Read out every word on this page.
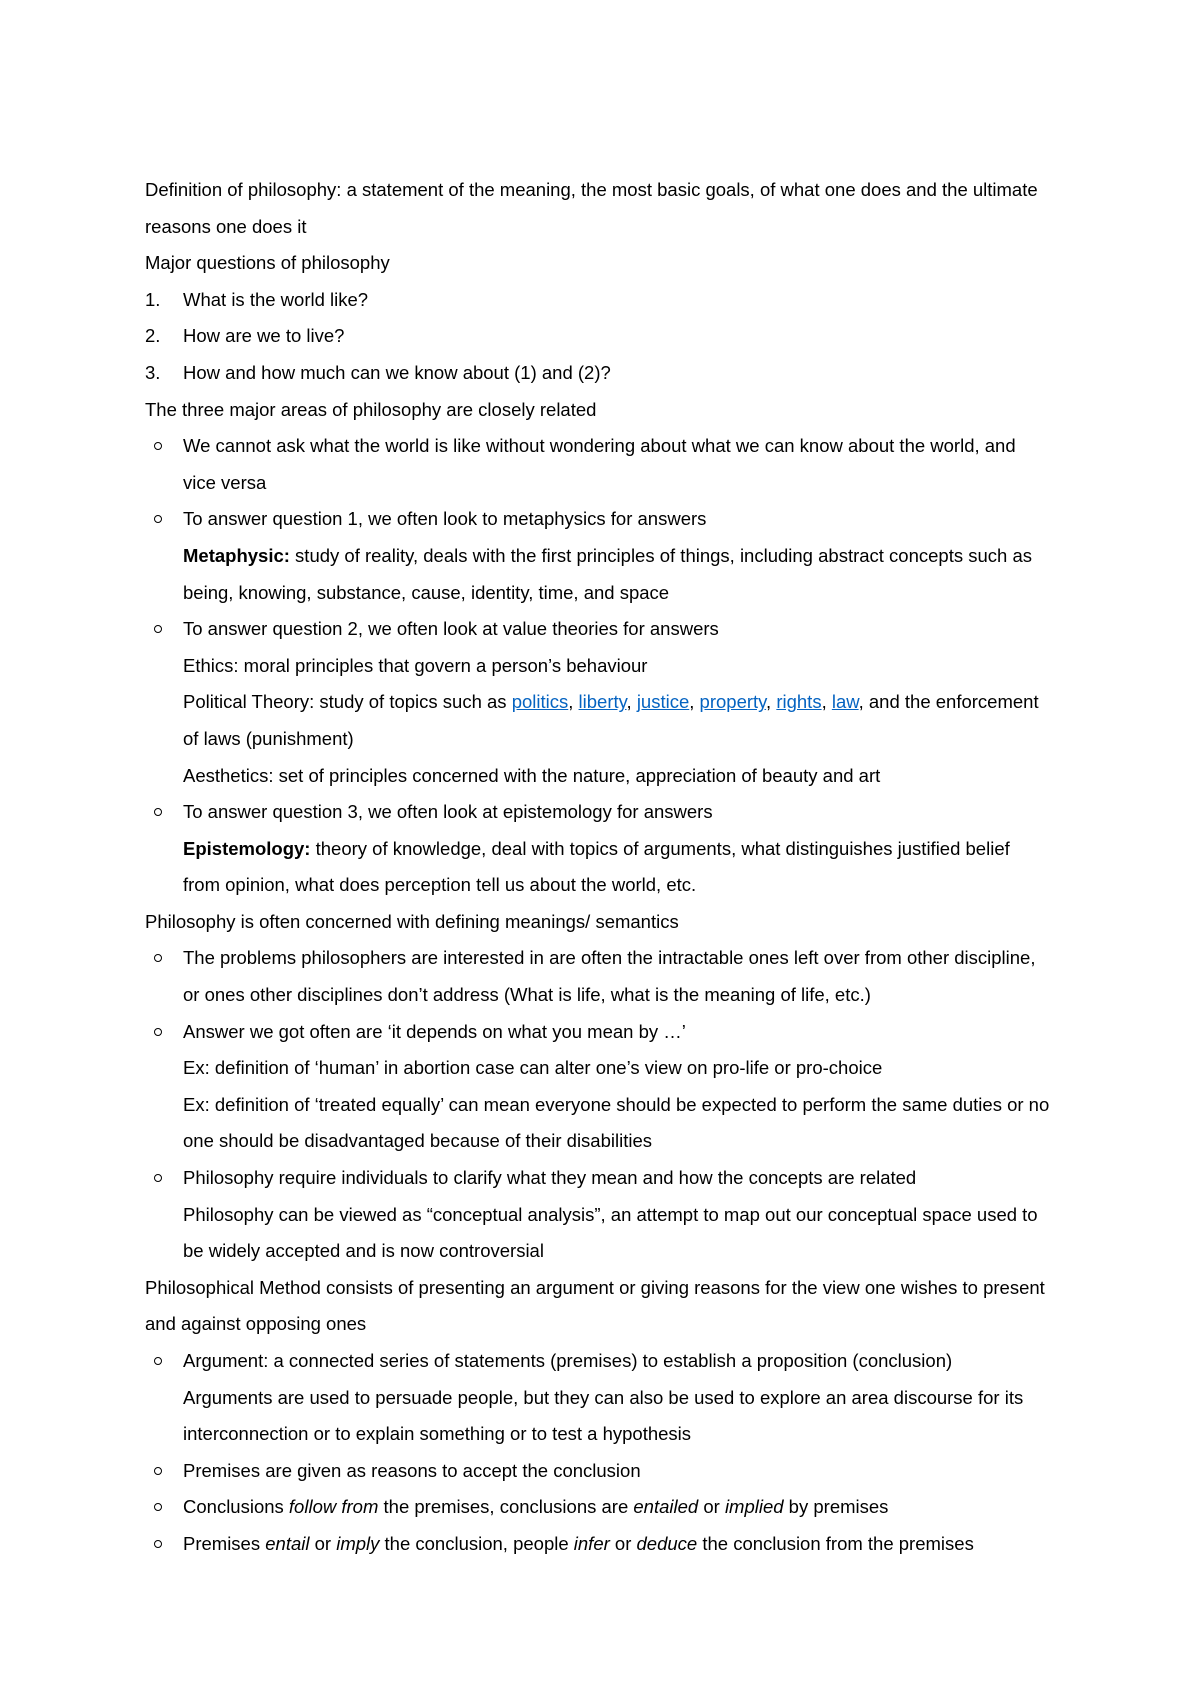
Definition of philosophy: a statement of the meaning, the most basic goals, of what one does and the ultimate reasons one does it

Major questions of philosophy

1.	What is the world like?
2.	How are we to live?
3.	How and how much can we know about (1) and (2)?

The three major areas of philosophy are closely related

We cannot ask what the world is like without wondering about what we can know about the world, and vice versa
To answer question 1, we often look to metaphysics for answers
Metaphysic: study of reality, deals with the first principles of things, including abstract concepts such as being, knowing, substance, cause, identity, time, and space
To answer question 2, we often look at value theories for answers
Ethics: moral principles that govern a person’s behaviour
Political Theory: study of topics such as politics, liberty, justice, property, rights, law, and the enforcement of laws (punishment)
Aesthetics: set of principles concerned with the nature, appreciation of beauty and art
To answer question 3, we often look at epistemology for answers
Epistemology: theory of knowledge, deal with topics of arguments, what distinguishes justified belief from opinion, what does perception tell us about the world, etc.

Philosophy is often concerned with defining meanings/ semantics

The problems philosophers are interested in are often the intractable ones left over from other discipline, or ones other disciplines don’t address (What is life, what is the meaning of life, etc.)
Answer we got often are ‘it depends on what you mean by …’
Ex: definition of ‘human’ in abortion case can alter one’s view on pro-life or pro-choice
Ex: definition of ‘treated equally’ can mean everyone should be expected to perform the same duties or no one should be disadvantaged because of their disabilities
Philosophy require individuals to clarify what they mean and how the concepts are related
Philosophy can be viewed as “conceptual analysis”, an attempt to map out our conceptual space used to be widely accepted and is now controversial

Philosophical Method consists of presenting an argument or giving reasons for the view one wishes to present and against opposing ones

Argument: a connected series of statements (premises) to establish a proposition (conclusion)
Arguments are used to persuade people, but they can also be used to explore an area discourse for its interconnection or to explain something or to test a hypothesis
Premises are given as reasons to accept the conclusion
Conclusions follow from the premises, conclusions are entailed or implied by premises
Premises entail or imply the conclusion, people infer or deduce the conclusion from the premises
